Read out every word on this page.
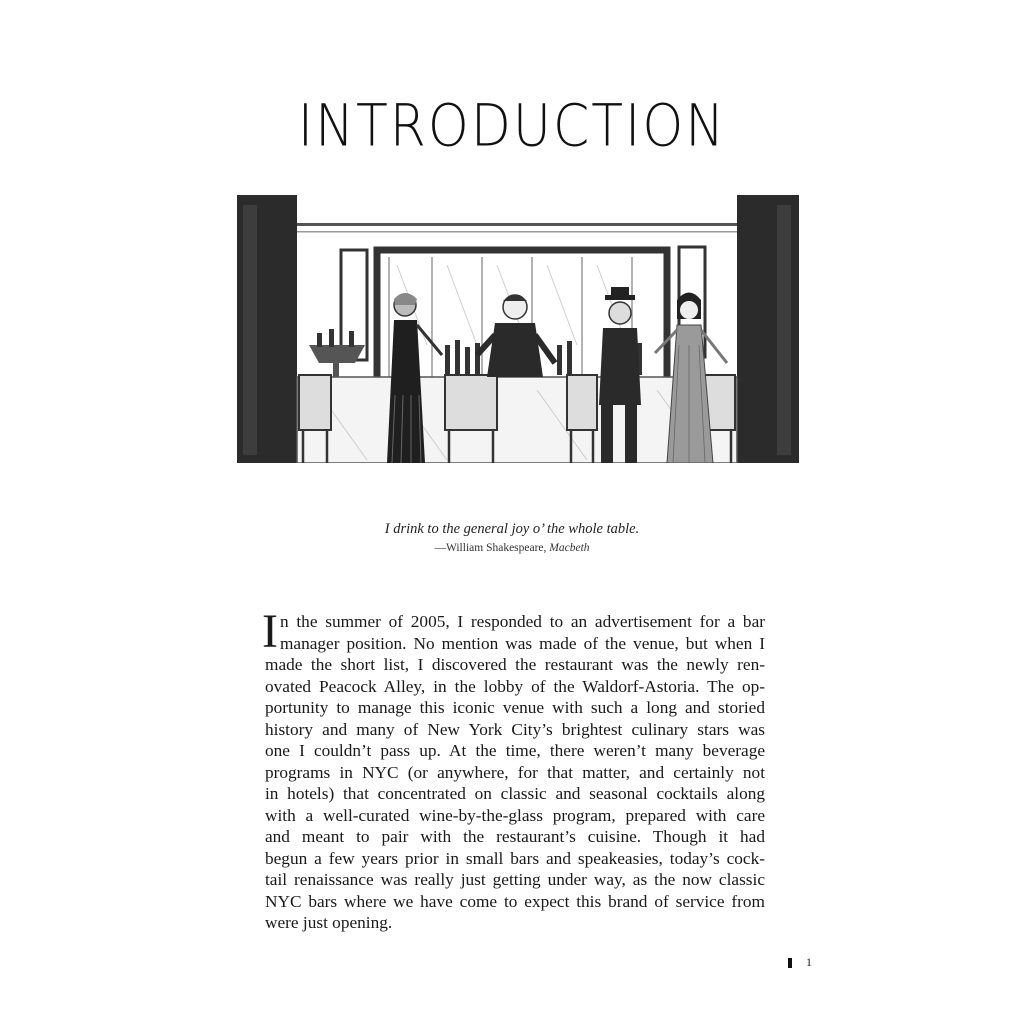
INTRODUCTION
I drink to the general joy o’ the whole table.
—William Shakespeare, Macbeth
I n the summer of 2005, I responded to an advertisement for a bar
manager position. No mention was made of the venue, but when I
made the short list, I discovered the restaurant was the newly ren-
ovated Peacock Alley, in the lobby of the Waldorf-Astoria. The op-
portunity to manage this iconic venue with such a long and storied
history and many of New York City’s brightest culinary stars was
one I couldn’t pass up. At the time, there weren’t many beverage
programs in NYC (or anywhere, for that matter, and certainly not
in hotels) that concentrated on classic and seasonal cocktails along
with a well-curated wine-by-the-glass program, prepared with care
and meant to pair with the restaurant’s cuisine. Though it had
begun a few years prior in small bars and speakeasies, today’s cock-
tail renaissance was really just getting under way, as the now classic
NYC bars where we have come to expect this brand of service from
were just opening.
1
